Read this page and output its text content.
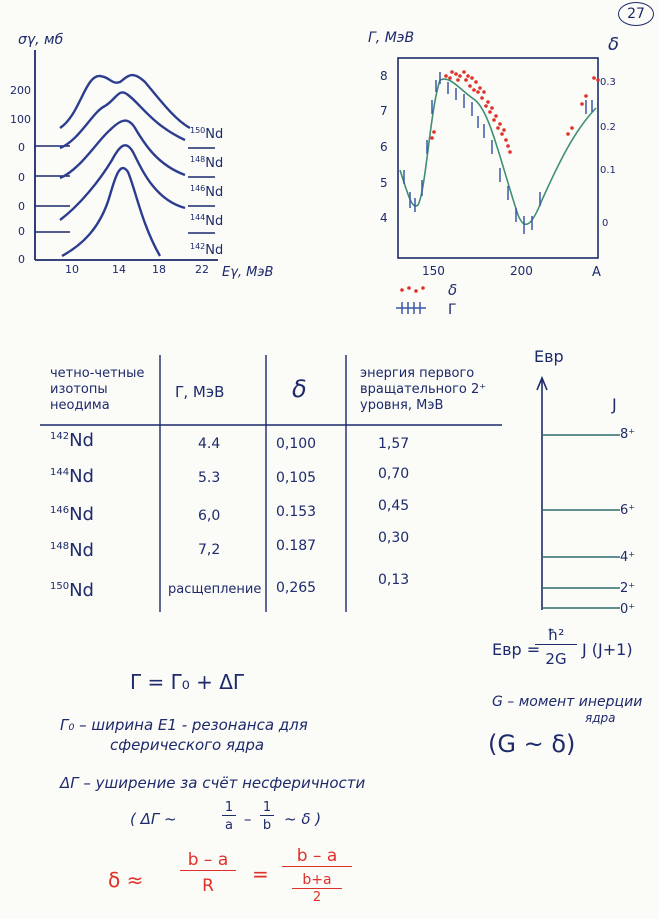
27
σγ, мб
200
100
0
0
0
0
0
$^{150}$Nd
$^{148}$Nd
$^{146}$Nd
$^{144}$Nd
$^{142}$Nd
10	14 18	22 Eγ, МэВ
Γ, МэВ	δ
8
7
6
5
4
0.3
0.2
0.1
0
150	200	A
δ
Γ
четно-четные изотопы неодима
Γ, МэВ	δ
энергия первого вращательного 2⁺ уровня, МэВ
$^{142}$Nd	4.4	0,100	1,57
$^{144}$Nd	5.3	0,105	0,70
$^{146}$Nd	6,0	0.153	0,45
$^{148}$Nd	7,2	0.187	0,30
$^{150}$Nd	расщепление 0,265	0,13
Eвр
J
8⁺
6⁺
4⁺
2⁺
0⁺
Eвр =
ħ²
2G J (J+1)
G – момент инерции
ядра
(G ~ δ)
Γ = Γ₀ + ΔΓ
Γ₀ – ширина E1 - резонанса для
сферического ядра
ΔΓ – уширение за счёт несферичности
( ΔΓ ~
1
a –
1
b ~ δ )
δ ≈
b – a
R	=
b – a
b+a
2
